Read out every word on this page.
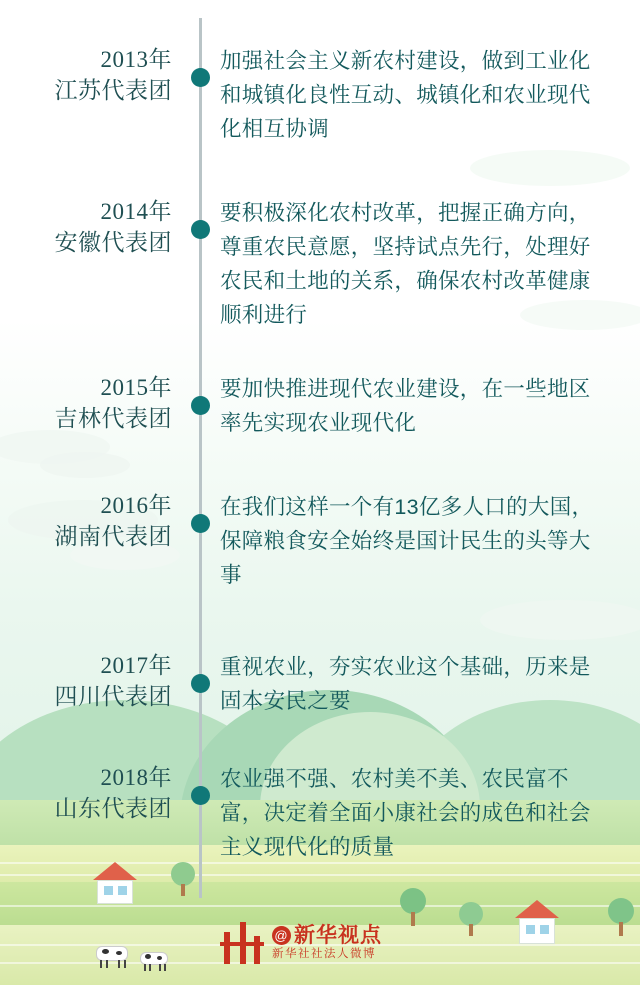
2013年
江苏代表团
加强社会主义新农村建设，做到工业化和城镇化良性互动、城镇化和农业现代化相互协调
2014年
安徽代表团
要积极深化农村改革，把握正确方向，尊重农民意愿，坚持试点先行，处理好农民和土地的关系，确保农村改革健康顺利进行
2015年
吉林代表团
要加快推进现代农业建设，在一些地区率先实现农业现代化
2016年
湖南代表团
在我们这样一个有13亿多人口的大国，保障粮食安全始终是国计民生的头等大事
2017年
四川代表团
重视农业，夯实农业这个基础，历来是固本安民之要
2018年
山东代表团
农业强不强、农村美不美、农民富不富，决定着全面小康社会的成色和社会主义现代化的质量
@ 新华视点
新华社社法人微博
